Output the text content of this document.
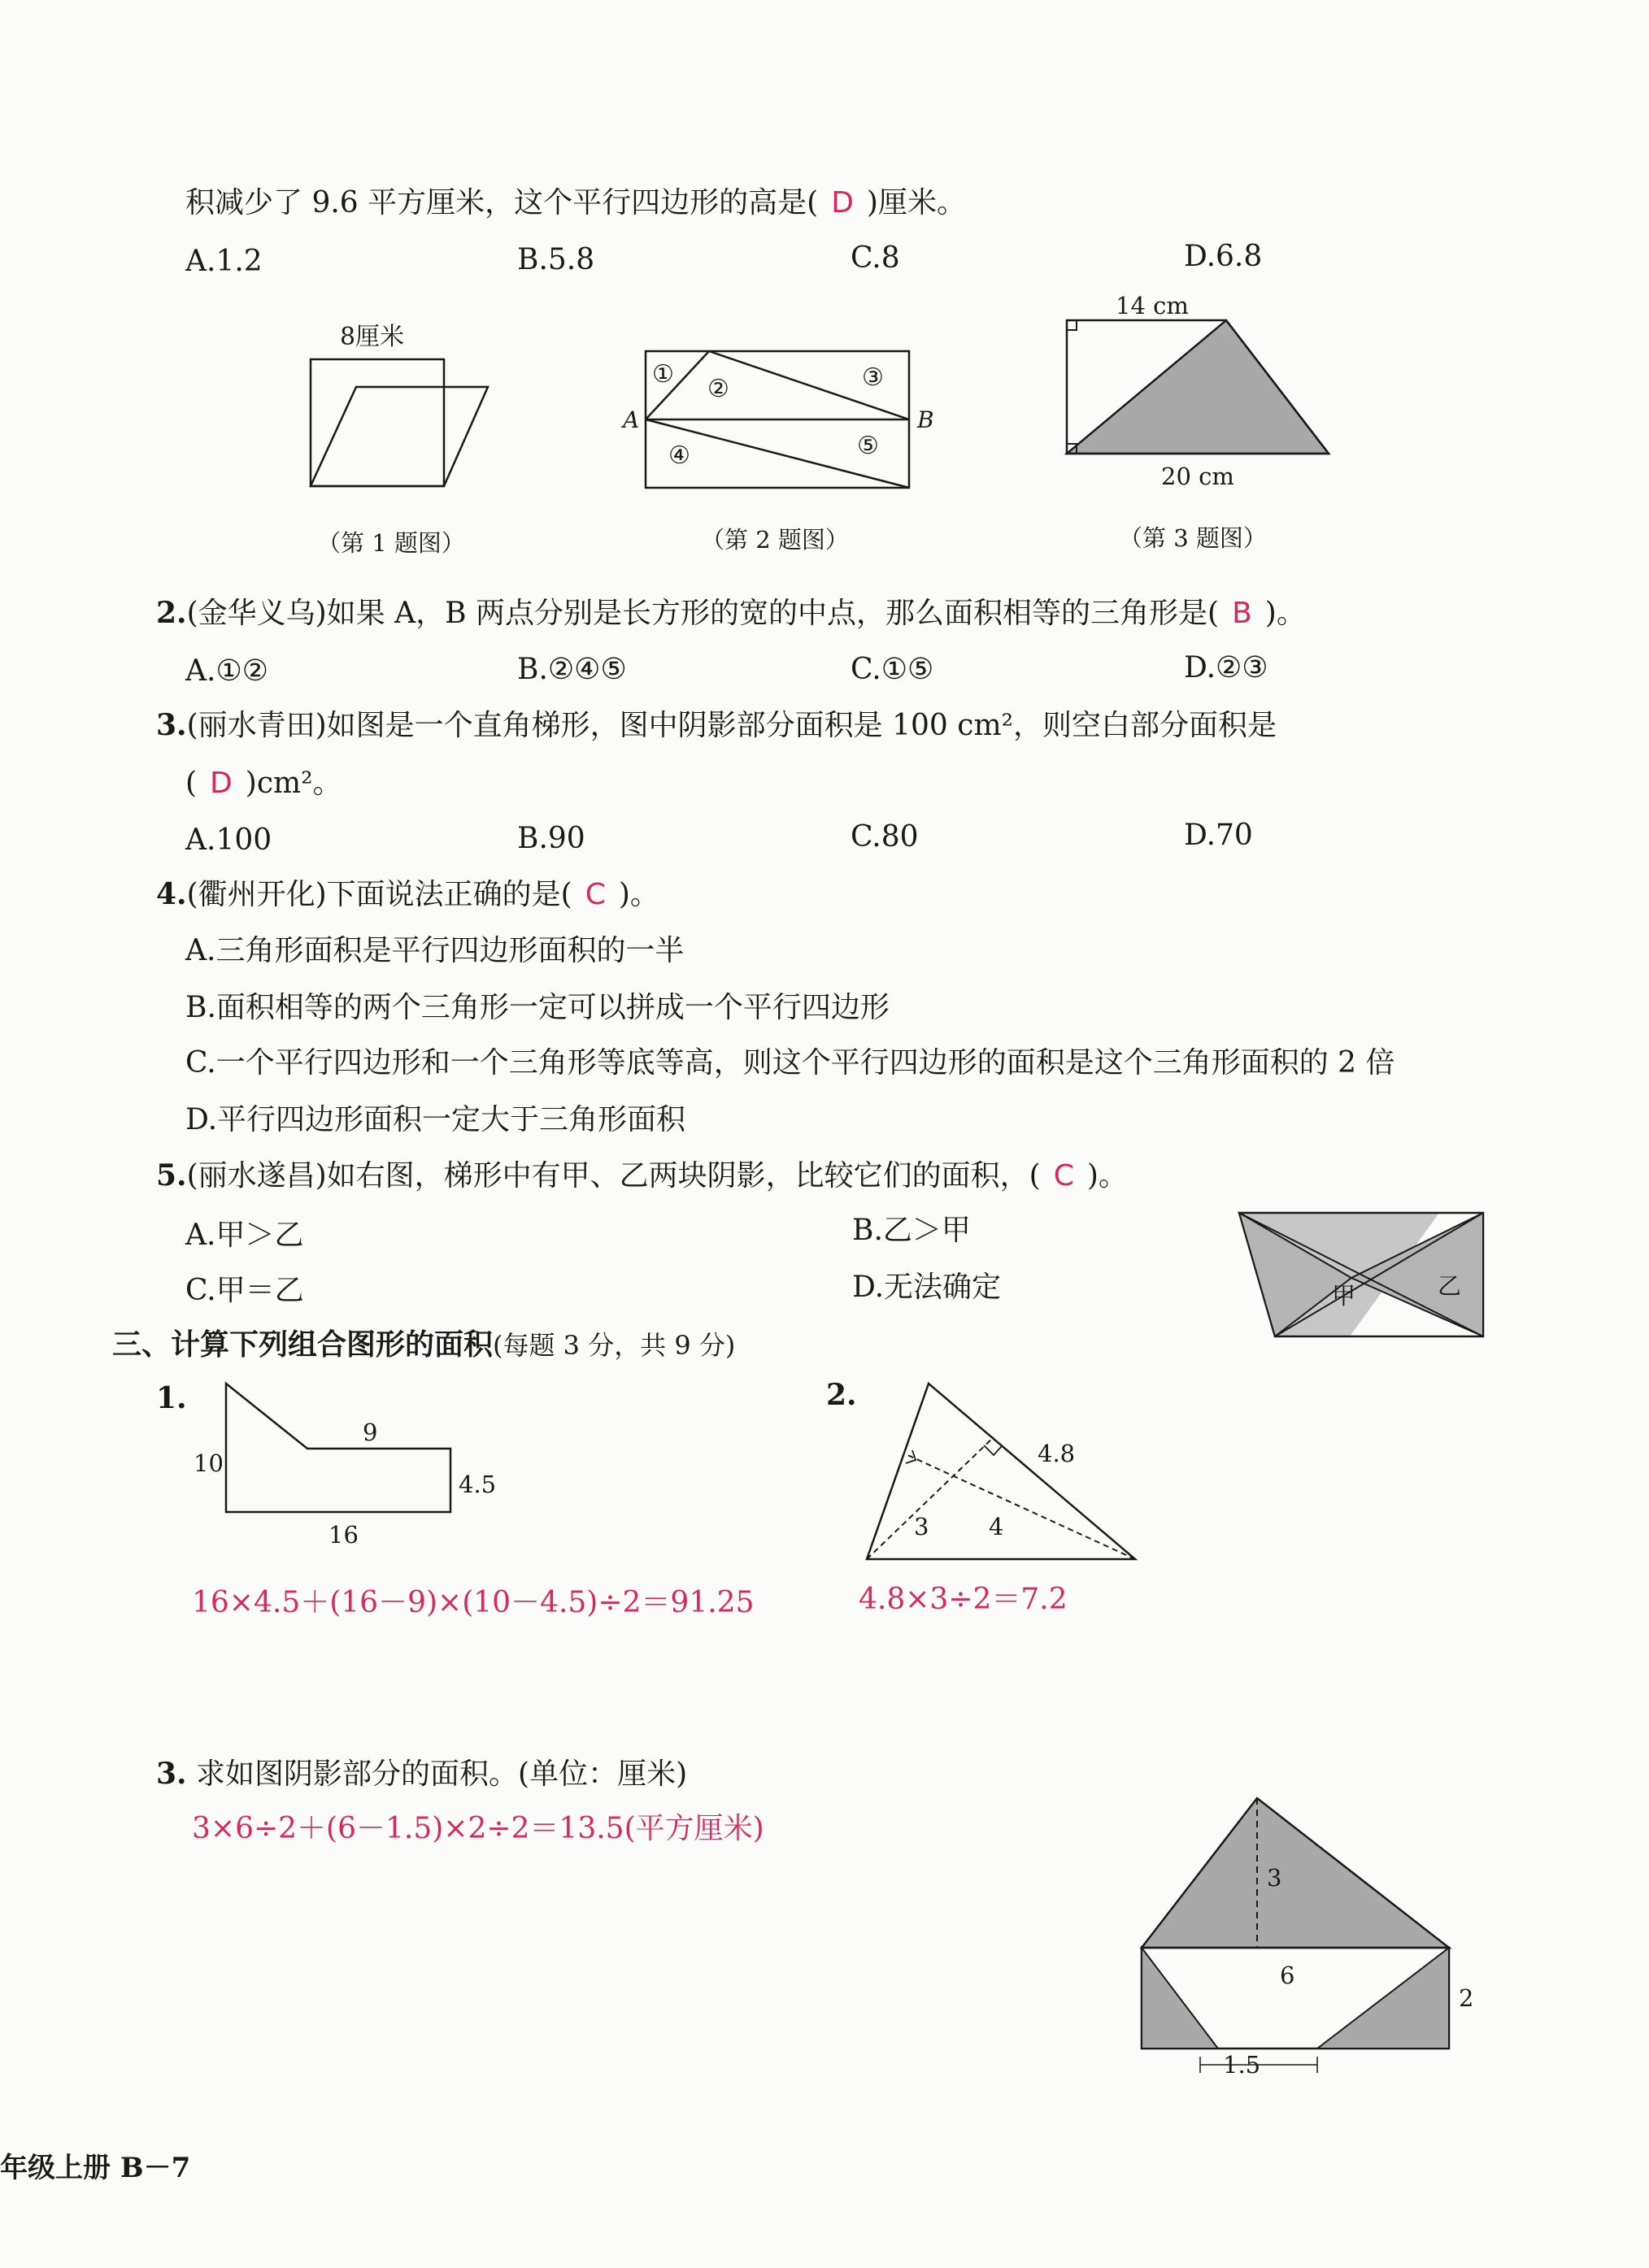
积减少了 9.6 平方厘米，这个平行四边形的高是( D )厘米。
A.1.2	B.5.8	C.8	D.6.8
8厘米
（第 1 题图）
A	B
①
②	③
④	⑤
（第 2 题图）
14 cm
20 cm
（第 3 题图）
2.(金华义乌)如果 A，B 两点分别是长方形的宽的中点，那么面积相等的三角形是( B )。
A.①②	B.②④⑤	C.①⑤	D.②③
3.(丽水青田)如图是一个直角梯形，图中阴影部分面积是 100 cm²，则空白部分面积是
( D )cm²。
A.100	B.90	C.80	D.70
4.(衢州开化)下面说法正确的是( C )。
A.三角形面积是平行四边形面积的一半
B.面积相等的两个三角形一定可以拼成一个平行四边形
C.一个平行四边形和一个三角形等底等高，则这个平行四边形的面积是这个三角形面积的 2 倍
D.平行四边形面积一定大于三角形面积
5.(丽水遂昌)如右图，梯形中有甲、乙两块阴影，比较它们的面积，( C )。
A.甲＞乙	B.乙＞甲
C.甲＝乙	D.无法确定	甲	乙
三、计算下列组合图形的面积(每题 3 分，共 9 分)
1.
9
10
4.5
16
16×4.5＋(16－9)×(10－4.5)÷2＝91.25
2.
4.8
3	4
4.8×3÷2＝7.2
3. 求如图阴影部分的面积。(单位：厘米)
3×6÷2＋(6－1.5)×2÷2＝13.5(平方厘米)
3
6
2
1.5
年级上册 B－7
